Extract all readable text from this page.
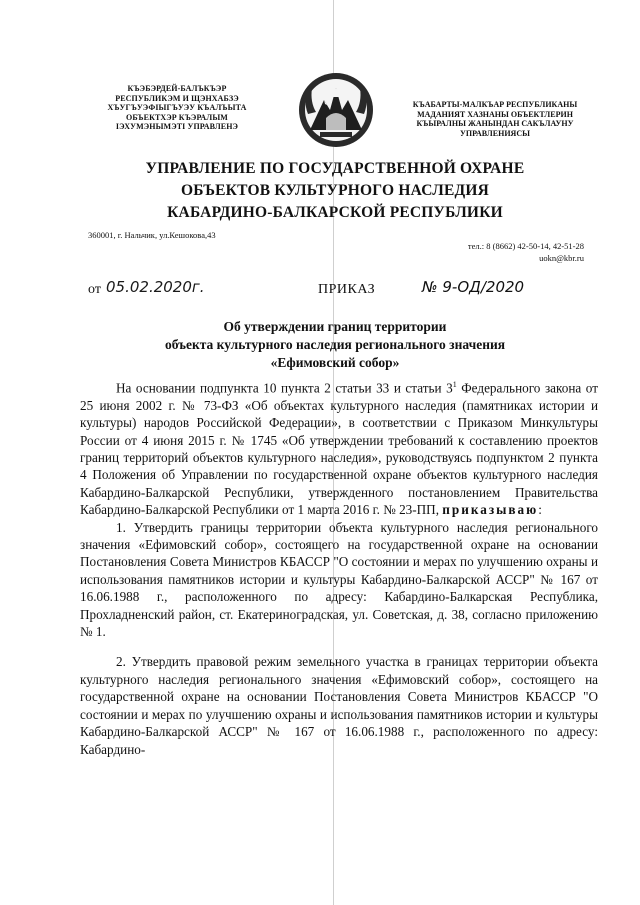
КЪЭБЭРДЕЙ-БАЛЪКЪЭР
РЕСПУБЛИКЭМ И ЩЭНХАБЗЭ
ХЪУГЪУЭФIЫГЪУЭУ КЪАЛЪЫТА
ОБЪЕКТХЭР КЪЭРАЛЫМ
IЭХУМЭНЫМЭТI УПРАВЛЕНЭ
КЪАБАРТЫ-МАЛКЪАР РЕСПУБЛИКАНЫ
МАДАНИЯТ ХАЗНАНЫ ОБЪЕКТЛЕРИН
КЪЫРАЛНЫ ЖАНЫНДАН САКЪЛАУНУ
УПРАВЛЕНИЯСЫ
УПРАВЛЕНИЕ ПО ГОСУДАРСТВЕННОЙ ОХРАНЕ
ОБЪЕКТОВ КУЛЬТУРНОГО НАСЛЕДИЯ
КАБАРДИНО-БАЛКАРСКОЙ РЕСПУБЛИКИ
360001, г. Нальчик, ул.Кешокова,43
тел.: 8 (8662) 42-50-14, 42-51-28
uokn@kbr.ru
от 05.02.2020г.	ПРИКАЗ	№ 9-ОД/2020
Об утверждении границ территории
объекта культурного наследия регионального значения
«Ефимовский собор»

На основании подпункта 10 пункта 2 статьи 33 и статьи $3^1$ Федерального закона от 25 июня 2002 г. № 73-ФЗ «Об объектах культурного наследия (памятниках истории и культуры) народов Российской Федерации», в соответствии с Приказом Минкультуры России от 4 июня 2015 г. № 1745 «Об утверждении требований к составлению проектов границ территорий объектов культурного наследия», руководствуясь подпунктом 2 пункта 4 Положения об Управлении по государственной охране объектов культурного наследия Кабардино-Балкарской Республики, утвержденного постановлением Правительства Кабардино-Балкарской Республики от 1 марта 2016 г. № 23-ПП, приказываю:

1. Утвердить границы территории объекта культурного наследия регионального значения «Ефимовский собор», состоящего на государственной охране на основании Постановления Совета Министров КБАССР "О состоянии и мерах по улучшению охраны и использования памятников истории и культуры Кабардино-Балкарской АССР" № 167 от 16.06.1988 г., расположенного по адресу: Кабардино-Балкарская Республика, Прохладненский район, ст. Екатериноградская, ул. Советская, д. 38, согласно приложению № 1.

2. Утвердить правовой режим земельного участка в границах территории объекта культурного наследия регионального значения «Ефимовский собор», состоящего на государственной охране на основании Постановления Совета Министров КБАССР "О состоянии и мерах по улучшению охраны и использования памятников истории и культуры Кабардино-Балкарской АССР" № 167 от 16.06.1988 г., расположенного по адресу: Кабардино-
